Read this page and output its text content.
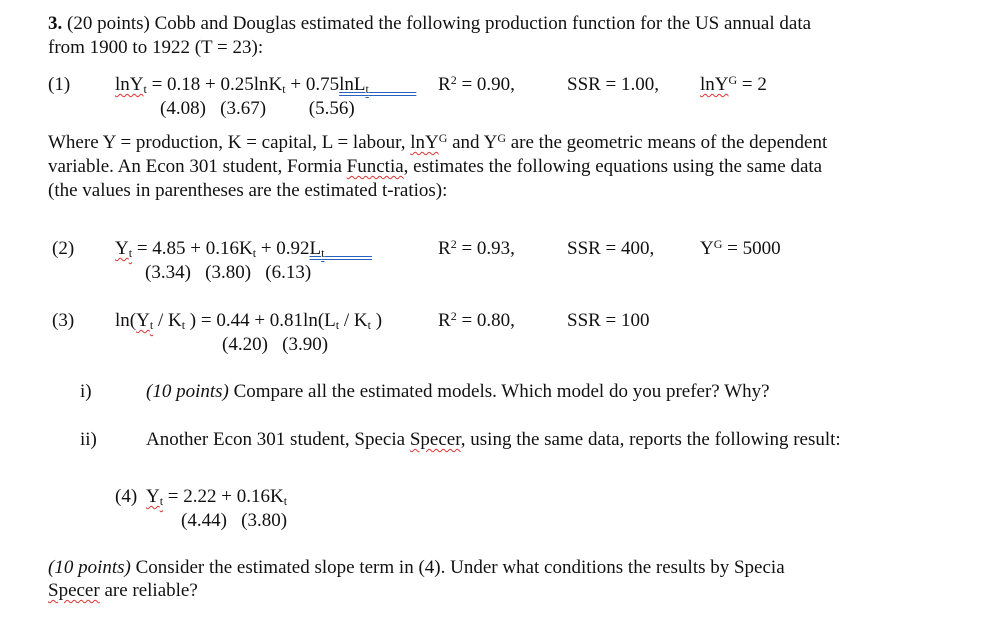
3. (20 points) Cobb and Douglas estimated the following production function for the US annual data
from 1900 to 1922 (T = 23):
(1) lnY$_t$ = 0.18 + 0.25lnK$_t$ + 0.75lnL$_t$   	$R^2 = 0.90$,	SSR = 1.00, lnY$^G$ = 2
(4.08)   (3.67)         (5.56)
Where Y = production, K = capital, L = labour, lnY$^G$ and $Y^G$ are the geometric means of the dependent
variable. An Econ 301 student, Formia Functia, estimates the following equations using the same data
(the values in parentheses are the estimated t-ratios):
(2) $Y_t = 4.85 + 0.16K_t + 0.92L_t$   	$R^2 = 0.93$,	SSR = 400, $Y^G = 5000$
(3.34)   (3.80)   (6.13)
(3) $\ln(Y_t / K_t$ ) = $0.44 + 0.81\ln(L_t / K_t$ )	$R^2 = 0.80$,	SSR = 100
(4.20)   (3.90)
i)	(10 points) Compare all the estimated models. Which model do you prefer? Why?
ii)	Another Econ 301 student, Specia Specer, using the same data, reports the following result:
(4) $Y_t = 2.22 + 0.16K_t$
(4.44)   (3.80)
(10 points) Consider the estimated slope term in (4). Under what conditions the results by Specia
Specer are reliable?
